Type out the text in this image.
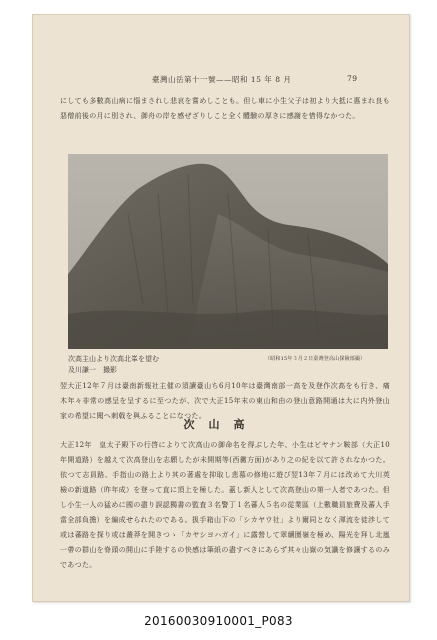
臺灣山岳第十一號——昭和 15 年 8 月	79
にしても多數高山病に惱まされし悲哀を嘗めしことも。但し車に小生父子は初より大抵に惠まれ良も惡僧前後の月に別され、御舟の岸を感ぜざりしこと全く體驗の厚きに感謝を惜得なかつた。
次高主山より次高北峯を望む
及川謙一　撮影
（昭和15年３月２日臺灣登高山探險部撮）
翌大正12年７月は臺南新報社主催の須讀臺山ち6月10年は臺灣南部一高を及登作次高をも行き、痛木年々非常の感呈を呈するに至つたが、次で大正15年末の東山和由の登山意路開通は大に内外登山家の希望に聞へ刺戟を與ふることになつた。
次山高
大正12年　皇太子殿下の行啓によりて次高山の御命名を得ぶした年、小生はビヤナン鞍部（大正10年開道路）を越えて次高登山を志願したが未開期等(西黴方面)があり之の紀を以て許されなかつた。依つて志員路、手指山の路上より其の著處を抑取し悲慕の修地に遊び翌13年７月には改めて大川英檢の新道路（昨年成）を登って直に頂上を極した。蓋し新人として次高登山の第一人者であつた。但し小生一人の猛めに國の盡り誤認獨書の監査３名警丁１名蕃人５名の從業區（上數職員旅費及蕃人手當全部負擔）を編成せられたのである。扱手箱山下の「シカヤウ社」より爾同となく渾流を徒渉して或は蕃路を探り或は叢莽を開きつゝ「カヤシヨハガイ」に露營して翠續圏嶺を極め、陽光を拜し北嵐一帶の群山を脊頭の開山に手陸するの快感は筆紙の盡すべきにあらず其々山嶽の気讖を修讓するのみであつた。
20160030910001_P083
